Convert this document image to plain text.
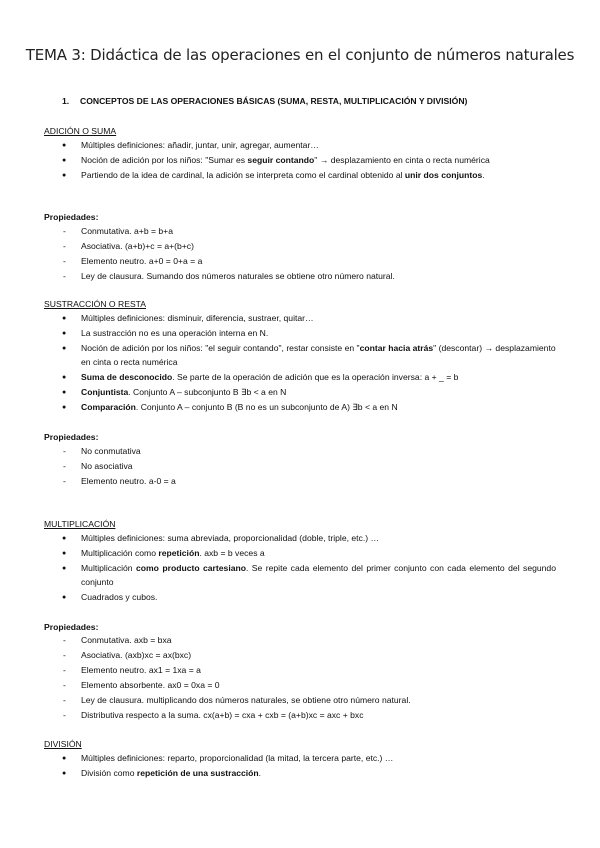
TEMA 3: Didáctica de las operaciones en el conjunto de números naturales
1. CONCEPTOS DE LAS OPERACIONES BÁSICAS (SUMA, RESTA, MULTIPLICACIÓN Y DIVISIÓN)
ADICIÓN O SUMA
● Múltiples definiciones: añadir, juntar, unir, agregar, aumentar…
● Noción de adición por los niños: "Sumar es seguir contando" → desplazamiento en cinta o recta numérica
● Partiendo de la idea de cardinal, la adición se interpreta como el cardinal obtenido al unir dos conjuntos.
Propiedades:
- Conmutativa. a+b = b+a
- Asociativa. (a+b)+c = a+(b+c)
- Elemento neutro. a+0 = 0+a = a
- Ley de clausura. Sumando dos números naturales se obtiene otro número natural.
SUSTRACCIÓN O RESTA
● Múltiples definiciones: disminuir, diferencia, sustraer, quitar…
● La sustracción no es una operación interna en N.
● Noción de adición por los niños: "el seguir contando", restar consiste en "contar hacia atrás" (descontar) → desplazamiento en cinta o recta numérica
● Suma de desconocido. Se parte de la operación de adición que es la operación inversa: a + _ = b
● Conjuntista. Conjunto A – subconjunto B ∃b < a en N
● Comparación. Conjunto A – conjunto B (B no es un subconjunto de A) ∃b < a en N
Propiedades:
- No conmutativa
- No asociativa
- Elemento neutro. a-0 = a
MULTIPLICACIÓN
● Múltiples definiciones: suma abreviada, proporcionalidad (doble, triple, etc.) …
● Multiplicación como repetición. axb = b veces a
● Multiplicación como producto cartesiano. Se repite cada elemento del primer conjunto con cada elemento del segundo conjunto
● Cuadrados y cubos.
Propiedades:
- Conmutativa. axb = bxa
- Asociativa. (axb)xc = ax(bxc)
- Elemento neutro. ax1 = 1xa = a
- Elemento absorbente. ax0 = 0xa = 0
- Ley de clausura. multiplicando dos números naturales, se obtiene otro número natural.
- Distributiva respecto a la suma. cx(a+b) = cxa + cxb = (a+b)xc = axc + bxc
DIVISIÓN
● Múltiples definiciones: reparto, proporcionalidad (la mitad, la tercera parte, etc.) …
● División como repetición de una sustracción.
